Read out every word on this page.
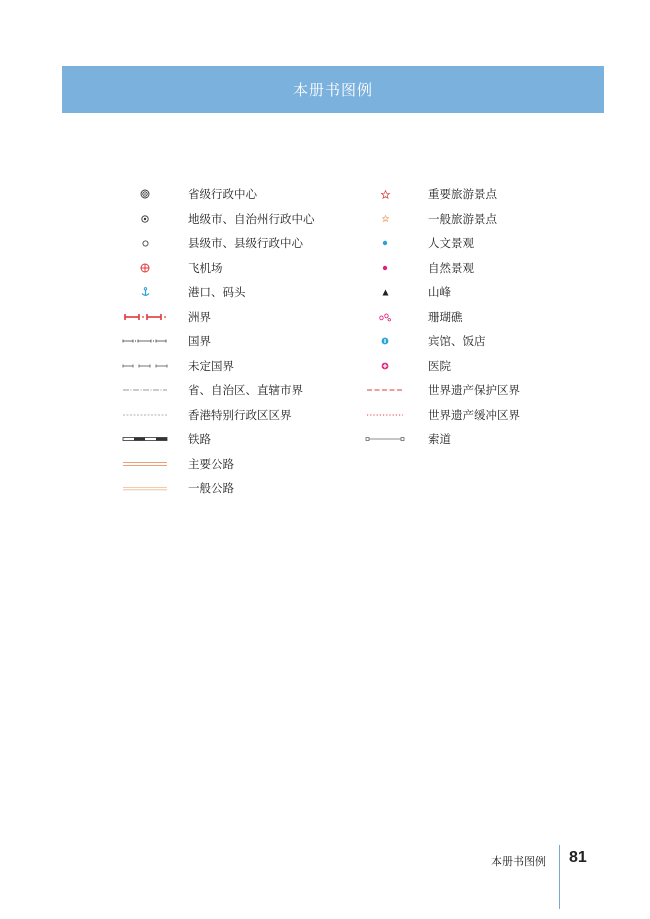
本册书图例
省级行政中心
地级市、自治州行政中心
县级市、县级行政中心
飞机场
港口、码头
洲界
国界
未定国界
省、自治区、直辖市界
香港特别行政区区界
铁路
主要公路
一般公路
重要旅游景点
一般旅游景点
人文景观
自然景观
山峰
珊瑚礁
宾馆、饭店
医院
世界遗产保护区界
世界遗产缓冲区界
索道
本册书图例 81
